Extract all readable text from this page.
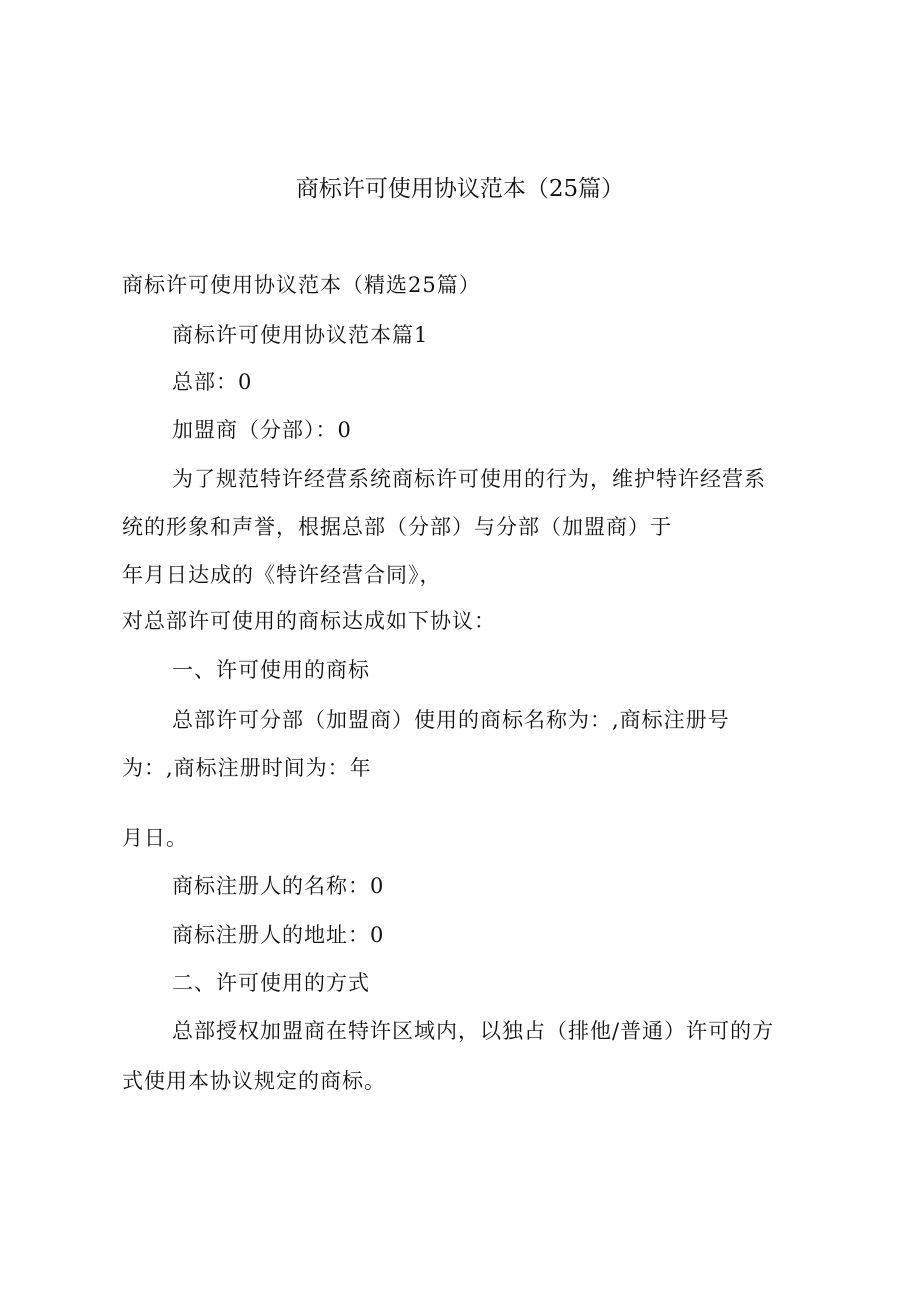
商标许可使用协议范本（25篇）
商标许可使用协议范本（精选25篇）
商标许可使用协议范本篇1
总部：0
加盟商（分部）：0
为了规范特许经营系统商标许可使用的行为，维护特许经营系
统的形象和声誉，根据总部（分部）与分部（加盟商）于
年月日达成的《特许经营合同》，
对总部许可使用的商标达成如下协议：
一、许可使用的商标
总部许可分部（加盟商）使用的商标名称为：,商标注册号
为：,商标注册时间为：年
月日。
商标注册人的名称：0
商标注册人的地址：0
二、许可使用的方式
总部授权加盟商在特许区域内，以独占（排他/普通）许可的方
式使用本协议规定的商标。
